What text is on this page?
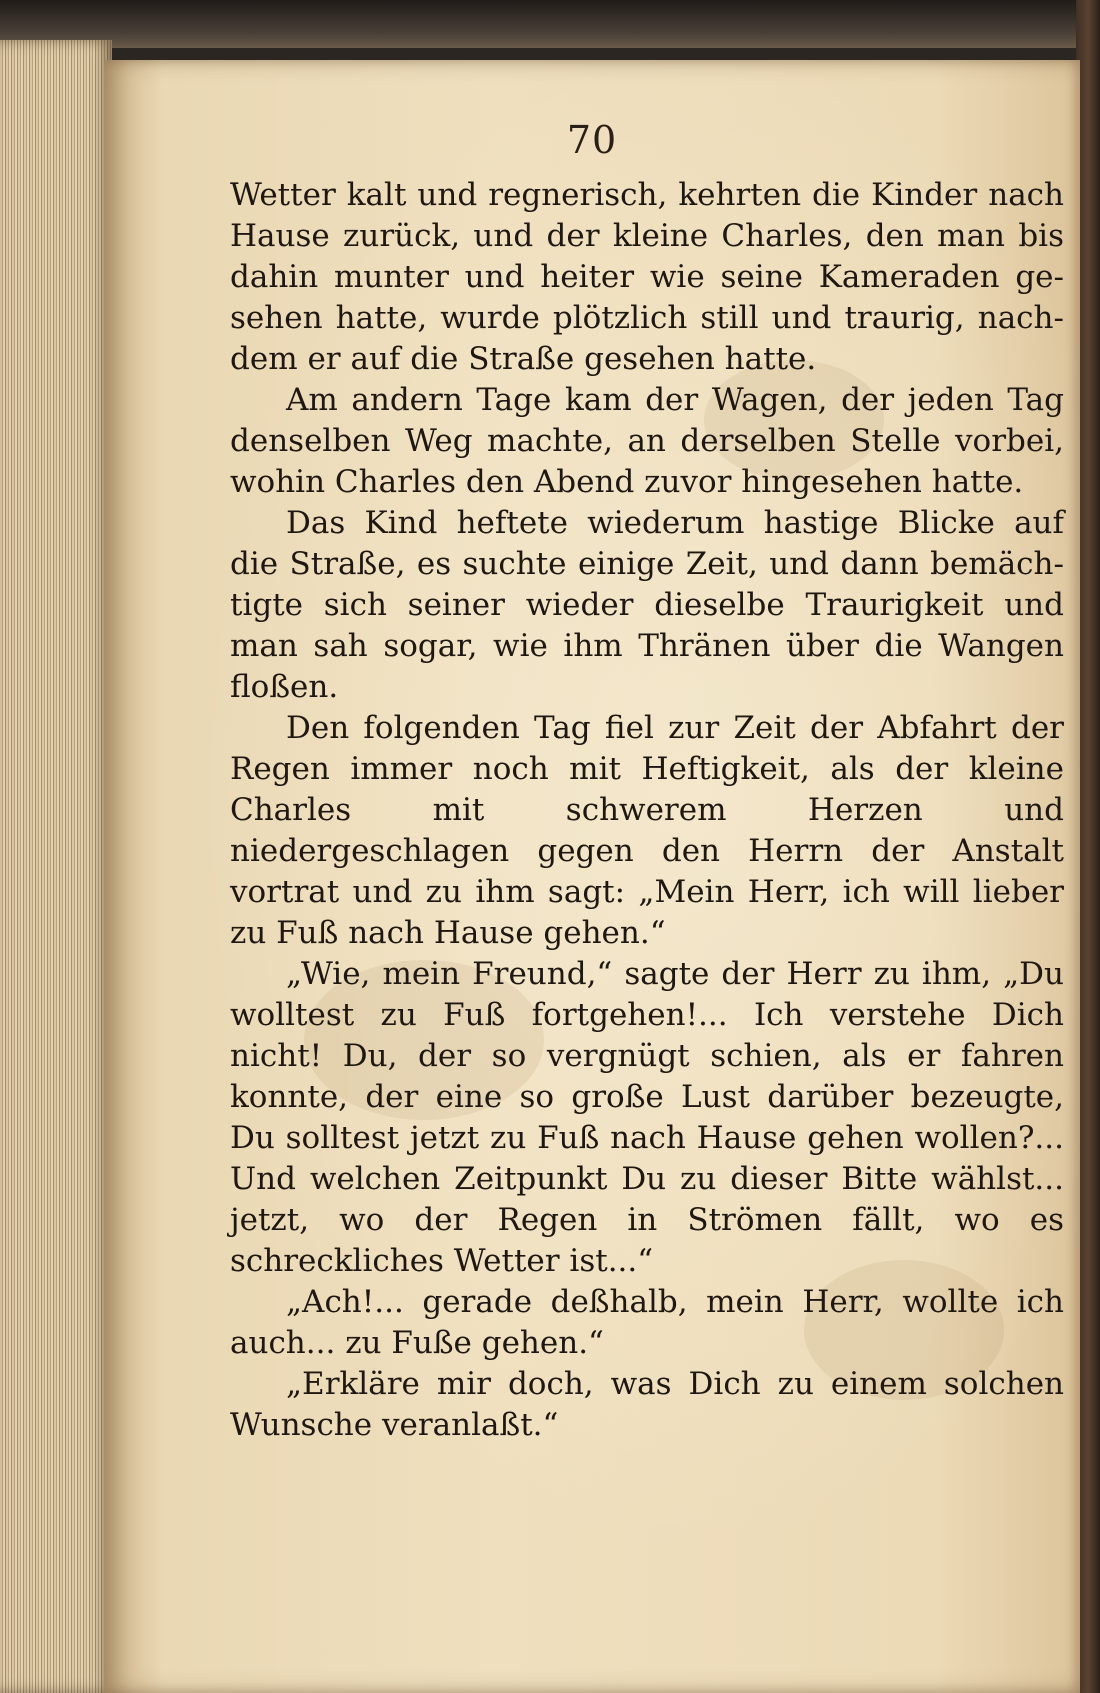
70

Wetter kalt und regnerisch, kehrten die Kinder nach Hause zurück, und der kleine Charles, den man bis dahin munter und heiter wie seine Kameraden gesehen hatte, wurde plötzlich still und traurig, nachdem er auf die Straße gesehen hatte.

Am andern Tage kam der Wagen, der jeden Tag denselben Weg machte, an derselben Stelle vorbei, wohin Charles den Abend zuvor hingesehen hatte.

Das Kind heftete wiederum hastige Blicke auf die Straße, es suchte einige Zeit, und dann bemächtigte sich seiner wieder dieselbe Traurigkeit und man sah sogar, wie ihm Thränen über die Wangen floßen.

Den folgenden Tag fiel zur Zeit der Abfahrt der Regen immer noch mit Heftigkeit, als der kleine Charles mit schwerem Herzen und niedergeschlagen gegen den Herrn der Anstalt vortrat und zu ihm sagt: „Mein Herr, ich will lieber zu Fuß nach Hause gehen.“

„Wie, mein Freund,“ sagte der Herr zu ihm, „Du wolltest zu Fuß fortgehen!... Ich verstehe Dich nicht! Du, der so vergnügt schien, als er fahren konnte, der eine so große Lust darüber bezeugte, Du solltest jetzt zu Fuß nach Hause gehen wollen?... Und welchen Zeitpunkt Du zu dieser Bitte wählst... jetzt, wo der Regen in Strömen fällt, wo es schreckliches Wetter ist...“

„Ach!... gerade deßhalb, mein Herr, wollte ich auch... zu Fuße gehen.“

„Erkläre mir doch, was Dich zu einem solchen Wunsche veranlaßt.“
